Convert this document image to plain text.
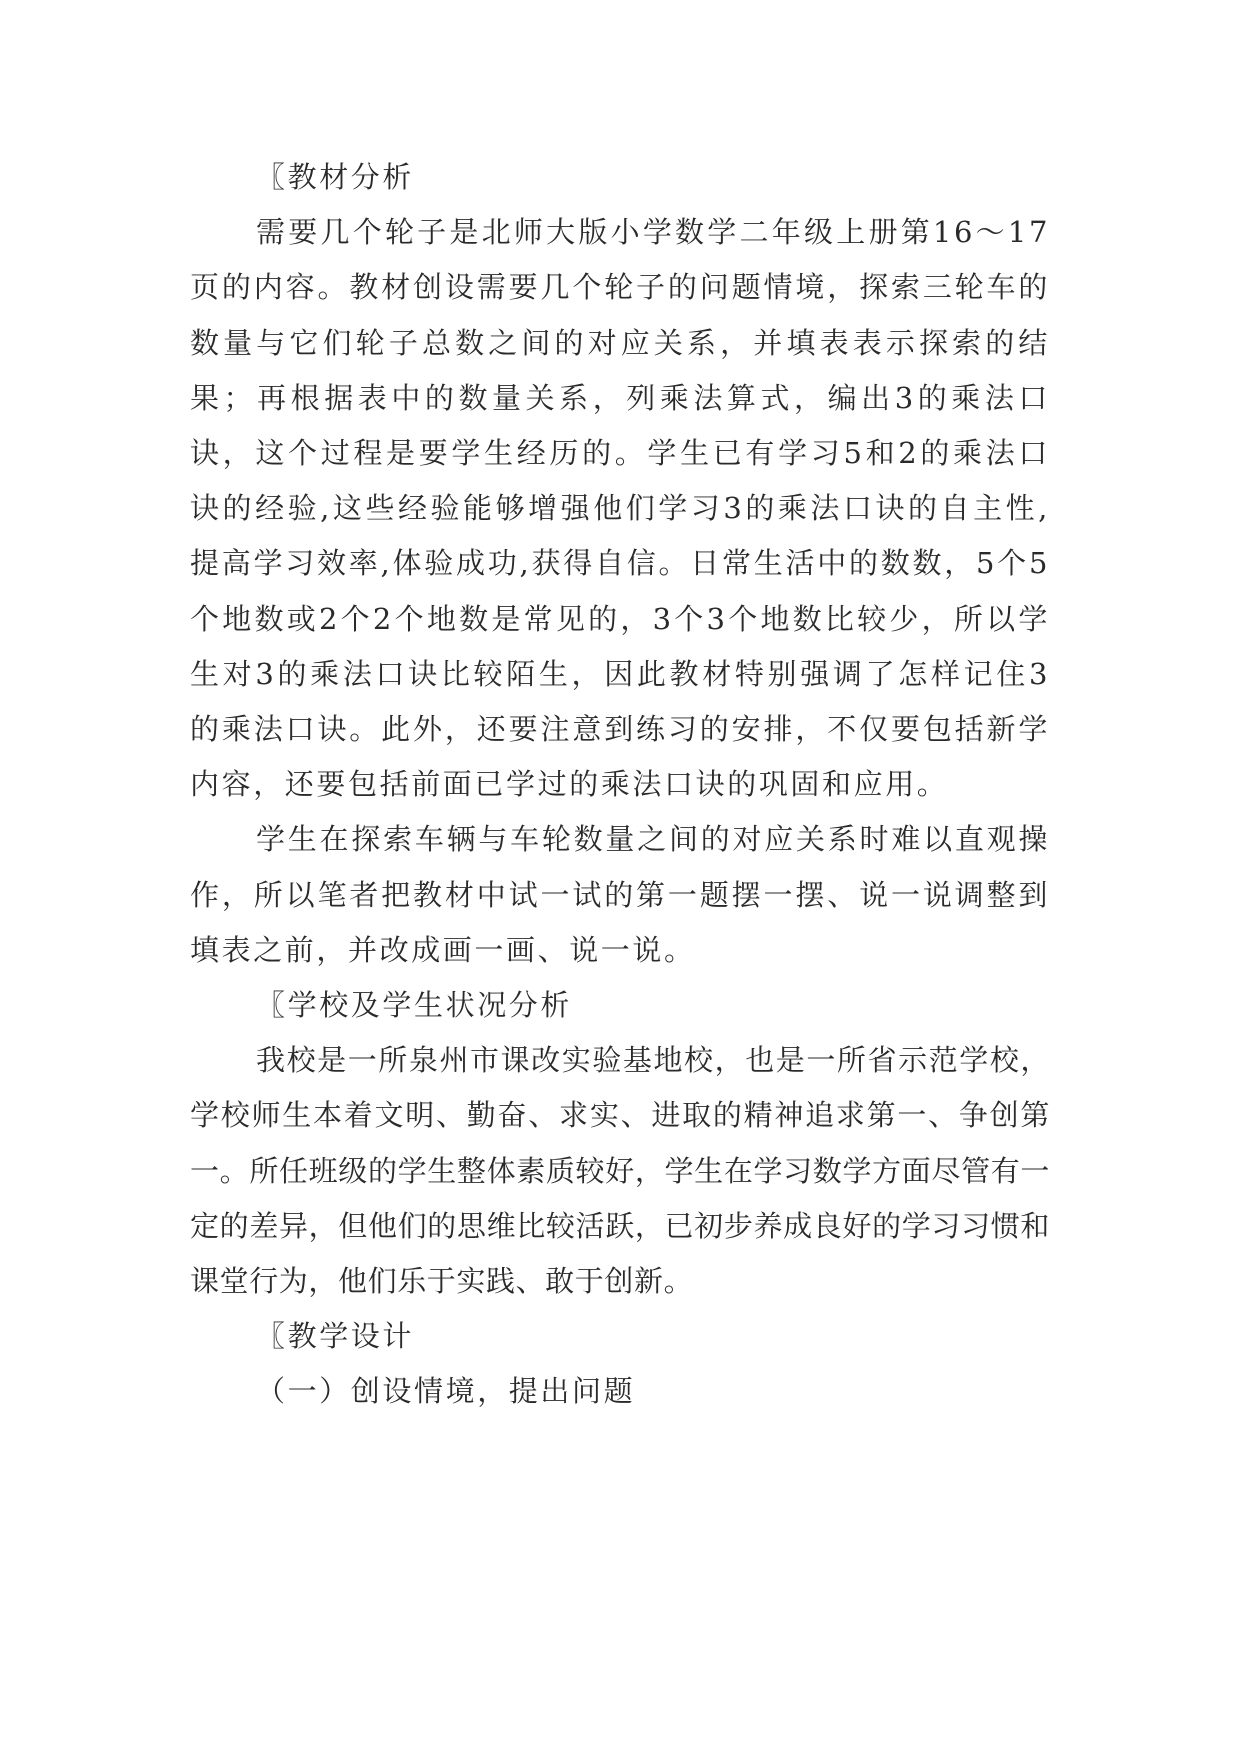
〖教材分析

需要几个轮子是北师大版小学数学二年级上册第16～17页的内容。教材创设需要几个轮子的问题情境，探索三轮车的数量与它们轮子总数之间的对应关系，并填表表示探索的结果；再根据表中的数量关系，列乘法算式，编出3的乘法口诀，这个过程是要学生经历的。学生已有学习5和2的乘法口诀的经验,这些经验能够增强他们学习3的乘法口诀的自主性,提高学习效率,体验成功,获得自信。日常生活中的数数，5个5个地数或2个2个地数是常见的，3个3个地数比较少，所以学生对3的乘法口诀比较陌生，因此教材特别强调了怎样记住3的乘法口诀。此外，还要注意到练习的安排，不仅要包括新学内容，还要包括前面已学过的乘法口诀的巩固和应用。

学生在探索车辆与车轮数量之间的对应关系时难以直观操作，所以笔者把教材中试一试的第一题摆一摆、说一说调整到填表之前，并改成画一画、说一说。

〖学校及学生状况分析

我校是一所泉州市课改实验基地校，也是一所省示范学校，学校师生本着文明、勤奋、求实、进取的精神追求第一、争创第一。所任班级的学生整体素质较好，学生在学习数学方面尽管有一定的差异，但他们的思维比较活跃，已初步养成良好的学习习惯和课堂行为，他们乐于实践、敢于创新。

〖教学设计

（一）创设情境，提出问题
